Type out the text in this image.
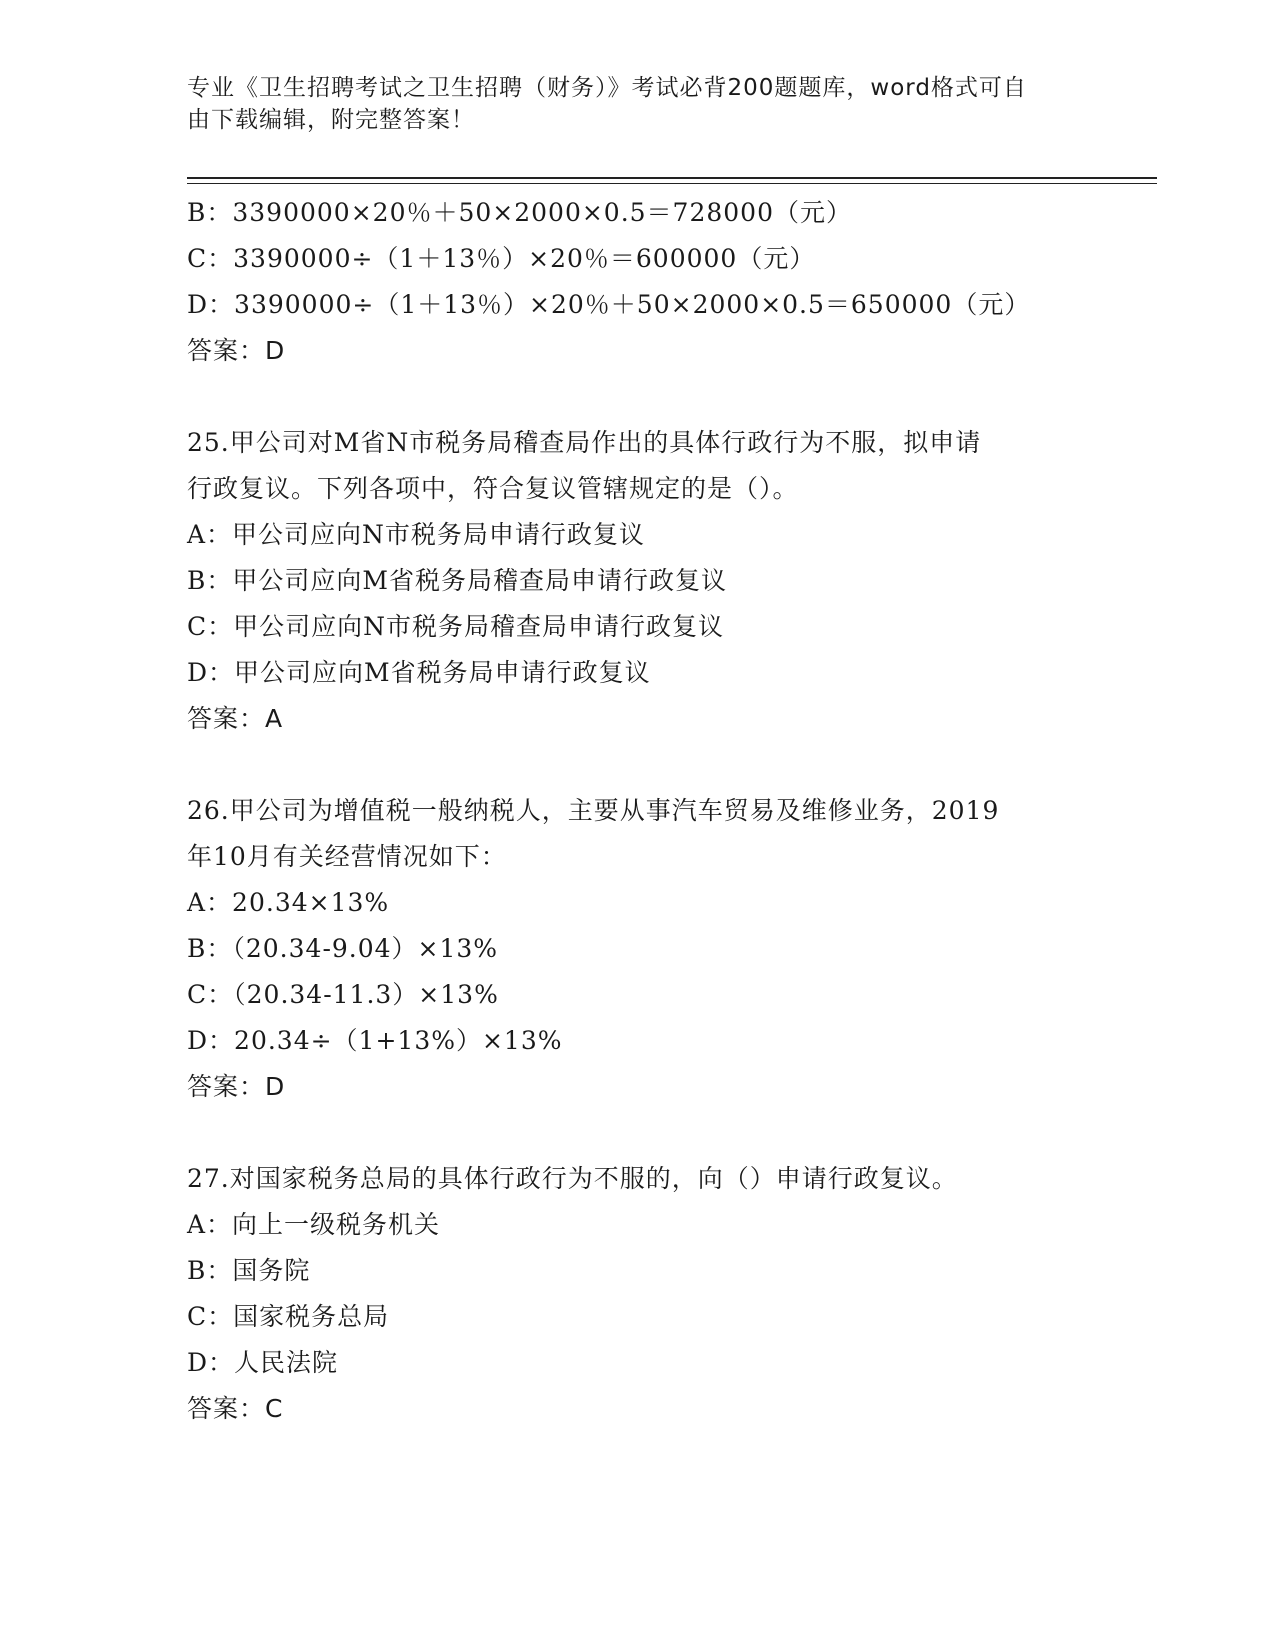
专业《卫生招聘考试之卫生招聘（财务）》考试必背200题题库，word格式可自
由下载编辑，附完整答案！
B：3390000×20％＋50×2000×0.5＝728000（元）
C：3390000÷（1＋13％）×20％＝600000（元）
D：3390000÷（1＋13％）×20％＋50×2000×0.5＝650000（元）
答案：D
25.甲公司对M省N市税务局稽查局作出的具体行政行为不服，拟申请
行政复议。下列各项中，符合复议管辖规定的是（）。
A：甲公司应向N市税务局申请行政复议
B：甲公司应向M省税务局稽查局申请行政复议
C：甲公司应向N市税务局稽查局申请行政复议
D：甲公司应向M省税务局申请行政复议
答案：A
26.甲公司为增值税一般纳税人，主要从事汽车贸易及维修业务，2019
年10月有关经营情况如下：
A：20.34×13%
B：（20.34-9.04）×13%
C：（20.34-11.3）×13%
D：20.34÷（1+13%）×13%
答案：D
27.对国家税务总局的具体行政行为不服的，向（）申请行政复议。
A：向上一级税务机关
B：国务院
C：国家税务总局
D：人民法院
答案：C
